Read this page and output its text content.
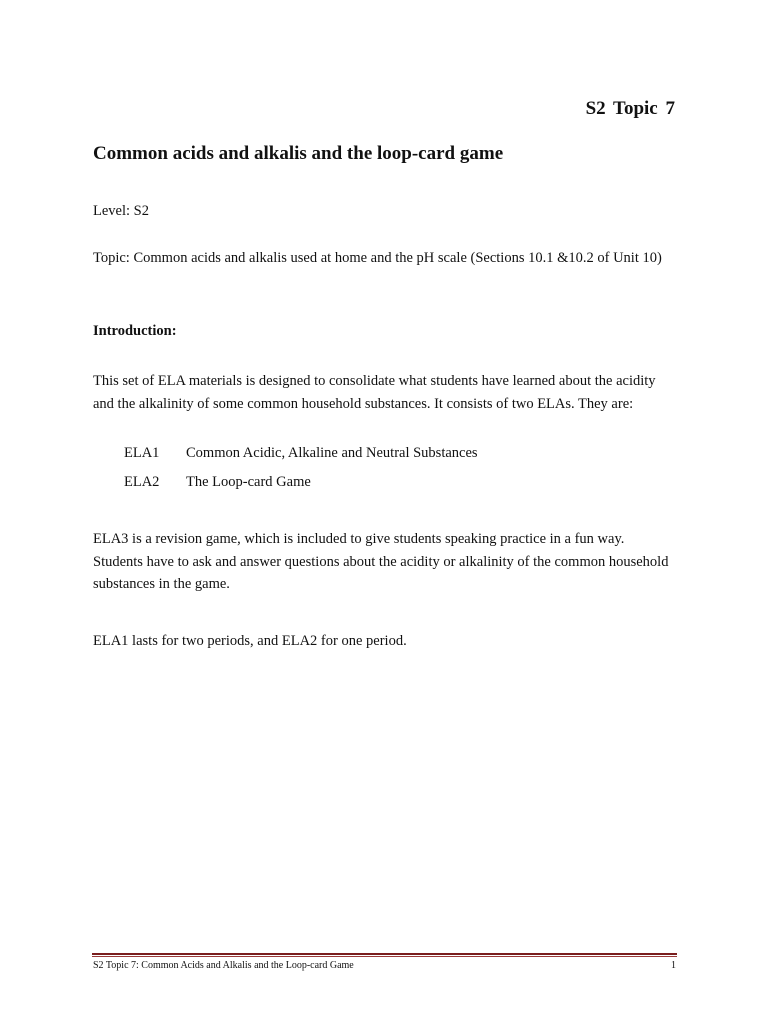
S2 Topic 7
Common acids and alkalis and the loop-card game

Level: S2

Topic: Common acids and alkalis used at home and the pH scale (Sections 10.1 &10.2 of Unit 10)

Introduction:

This set of ELA materials is designed to consolidate what students have learned about the acidity and the alkalinity of some common household substances. It consists of two ELAs. They are:

ELA1 Common Acidic, Alkaline and Neutral Substances
ELA2 The Loop-card Game

ELA3 is a revision game, which is included to give students speaking practice in a fun way. Students have to ask and answer questions about the acidity or alkalinity of the common household substances in the game.

ELA1 lasts for two periods, and ELA2 for one period.

S2 Topic 7: Common Acids and Alkalis and the Loop-card Game	1
